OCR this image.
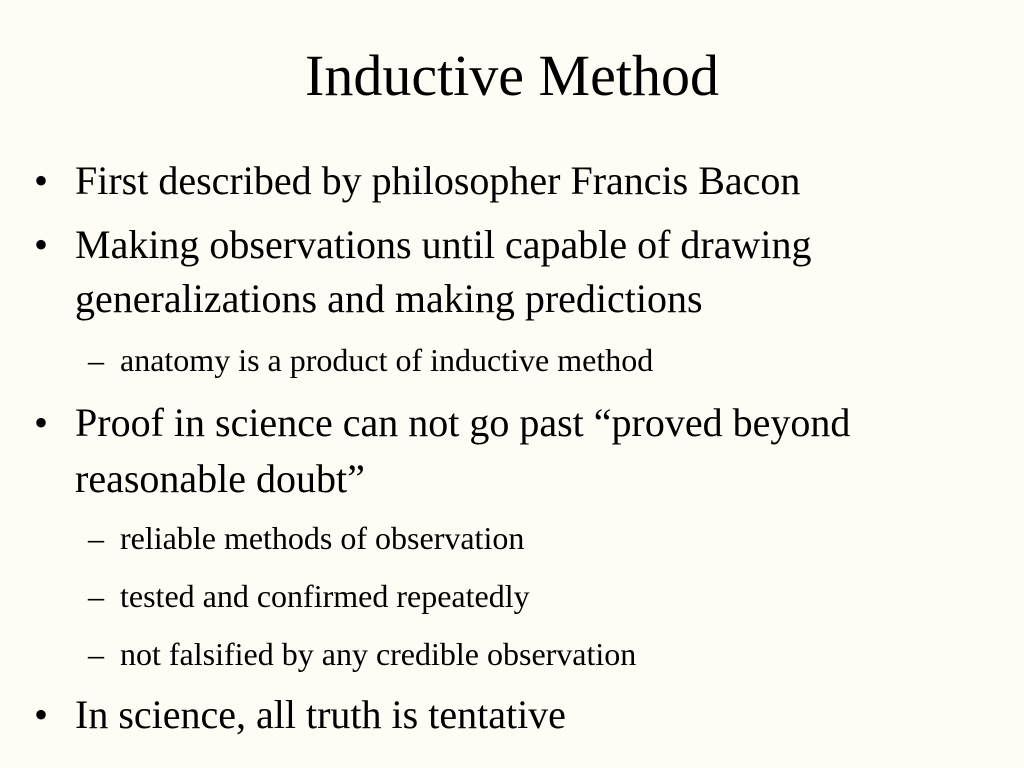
Inductive Method
• First described by philosopher Francis Bacon
• Making observations until capable of drawing
generalizations and making predictions
– anatomy is a product of inductive method
• Proof in science can not go past “proved beyond
reasonable doubt”
– reliable methods of observation
– tested and confirmed repeatedly
– not falsified by any credible observation
• In science, all truth is tentative
